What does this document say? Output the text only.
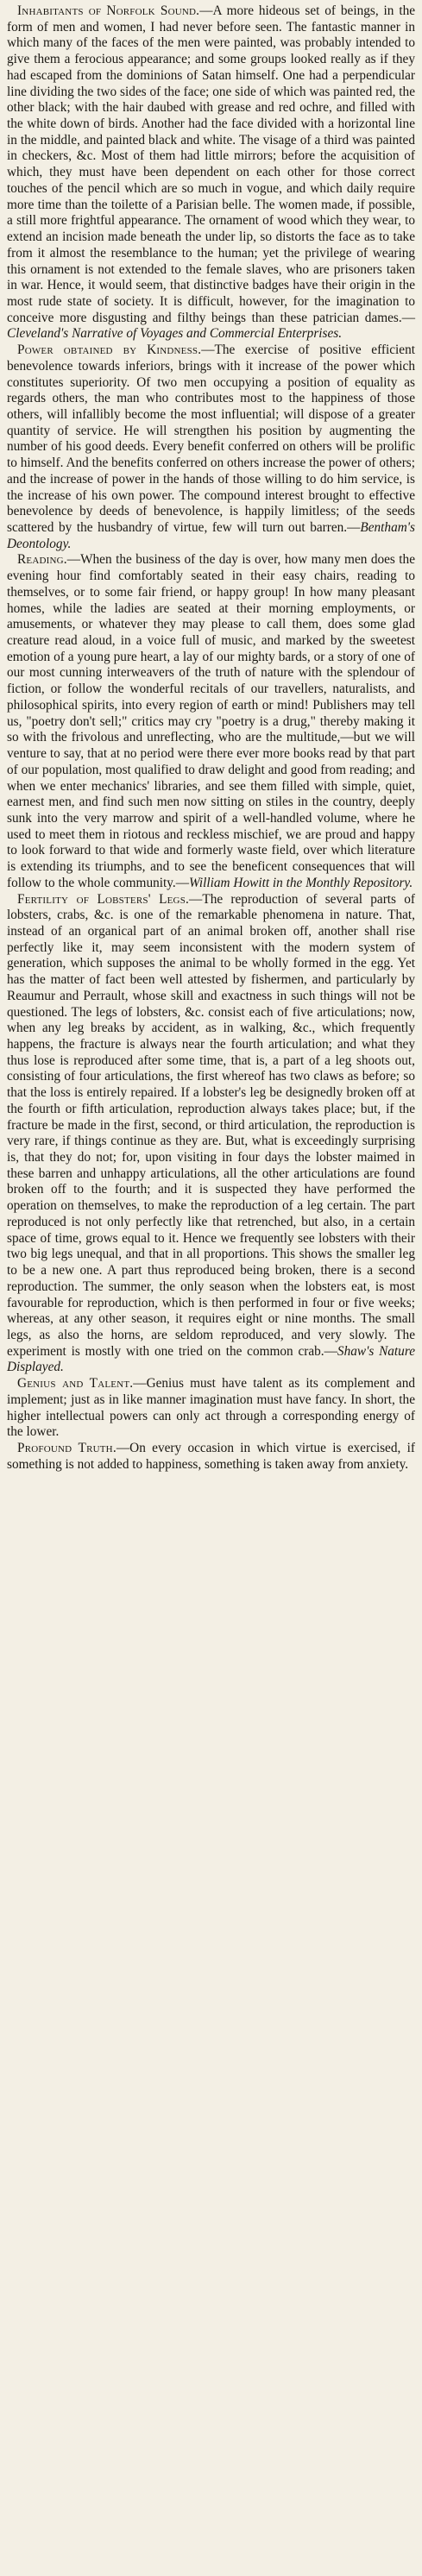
Inhabitants of Norfolk Sound.—A more hideous set of beings, in the form of men and women, I had never before seen. The fantastic manner in which many of the faces of the men were painted, was probably intended to give them a ferocious appearance; and some groups looked really as if they had escaped from the dominions of Satan himself. One had a perpendicular line dividing the two sides of the face; one side of which was painted red, the other black; with the hair daubed with grease and red ochre, and filled with the white down of birds. Another had the face divided with a horizontal line in the middle, and painted black and white. The visage of a third was painted in checkers, &c. Most of them had little mirrors; before the acquisition of which, they must have been dependent on each other for those correct touches of the pencil which are so much in vogue, and which daily require more time than the toilette of a Parisian belle. The women made, if possible, a still more frightful appearance. The ornament of wood which they wear, to extend an incision made beneath the under lip, so distorts the face as to take from it almost the resemblance to the human; yet the privilege of wearing this ornament is not extended to the female slaves, who are prisoners taken in war. Hence, it would seem, that distinctive badges have their origin in the most rude state of society. It is difficult, however, for the imagination to conceive more disgusting and filthy beings than these patrician dames.—Cleveland's Narrative of Voyages and Commercial Enterprises.

Power obtained by Kindness.—The exercise of positive efficient benevolence towards inferiors, brings with it increase of the power which constitutes superiority. Of two men occupying a position of equality as regards others, the man who contributes most to the happiness of those others, will infallibly become the most influential; will dispose of a greater quantity of service. He will strengthen his position by augmenting the number of his good deeds. Every benefit conferred on others will be prolific to himself. And the benefits conferred on others increase the power of others; and the increase of power in the hands of those willing to do him service, is the increase of his own power. The compound interest brought to effective benevolence by deeds of benevolence, is happily limitless; of the seeds scattered by the husbandry of virtue, few will turn out barren.—Bentham's Deontology.

Reading.—When the business of the day is over, how many men does the evening hour find comfortably seated in their easy chairs, reading to themselves, or to some fair friend, or happy group! In how many pleasant homes, while the ladies are seated at their morning employments, or amusements, or whatever they may please to call them, does some glad creature read aloud, in a voice full of music, and marked by the sweetest emotion of a young pure heart, a lay of our mighty bards, or a story of one of our most cunning interweavers of the truth of nature with the splendour of fiction, or follow the wonderful recitals of our travellers, naturalists, and philosophical spirits, into every region of earth or mind! Publishers may tell us, "poetry don't sell;" critics may cry "poetry is a drug," thereby making it so with the frivolous and unreflecting, who are the multitude,—but we will venture to say, that at no period were there ever more books read by that part of our population, most qualified to draw delight and good from reading; and when we enter mechanics' libraries, and see them filled with simple, quiet, earnest men, and find such men now sitting on stiles in the country, deeply sunk into the very marrow and spirit of a well-handled volume, where he used to meet them in riotous and reckless mischief, we are proud and happy to look forward to that wide and formerly waste field, over which literature is extending its triumphs, and to see the beneficent consequences that will follow to the whole community.—William Howitt in the Monthly Repository.

Fertility of Lobsters' Legs.—The reproduction of several parts of lobsters, crabs, &c. is one of the remarkable phenomena in nature. That, instead of an organical part of an animal broken off, another shall rise perfectly like it, may seem inconsistent with the modern system of generation, which supposes the animal to be wholly formed in the egg. Yet has the matter of fact been well attested by fishermen, and particularly by Reaumur and Perrault, whose skill and exactness in such things will not be questioned. The legs of lobsters, &c. consist each of five articulations; now, when any leg breaks by accident, as in walking, &c., which frequently happens, the fracture is always near the fourth articulation; and what they thus lose is reproduced after some time, that is, a part of a leg shoots out, consisting of four articulations, the first whereof has two claws as before; so that the loss is entirely repaired. If a lobster's leg be designedly broken off at the fourth or fifth articulation, reproduction always takes place; but, if the fracture be made in the first, second, or third articulation, the reproduction is very rare, if things continue as they are. But, what is exceedingly surprising is, that they do not; for, upon visiting in four days the lobster maimed in these barren and unhappy articulations, all the other articulations are found broken off to the fourth; and it is suspected they have performed the operation on themselves, to make the reproduction of a leg certain. The part reproduced is not only perfectly like that retrenched, but also, in a certain space of time, grows equal to it. Hence we frequently see lobsters with their two big legs unequal, and that in all proportions. This shows the smaller leg to be a new one. A part thus reproduced being broken, there is a second reproduction. The summer, the only season when the lobsters eat, is most favourable for reproduction, which is then performed in four or five weeks; whereas, at any other season, it requires eight or nine months. The small legs, as also the horns, are seldom reproduced, and very slowly. The experiment is mostly with one tried on the common crab.—Shaw's Nature Displayed.

Genius and Talent.—Genius must have talent as its complement and implement; just as in like manner imagination must have fancy. In short, the higher intellectual powers can only act through a corresponding energy of the lower.

Profound Truth.—On every occasion in which virtue is exercised, if something is not added to happiness, something is taken away from anxiety.
